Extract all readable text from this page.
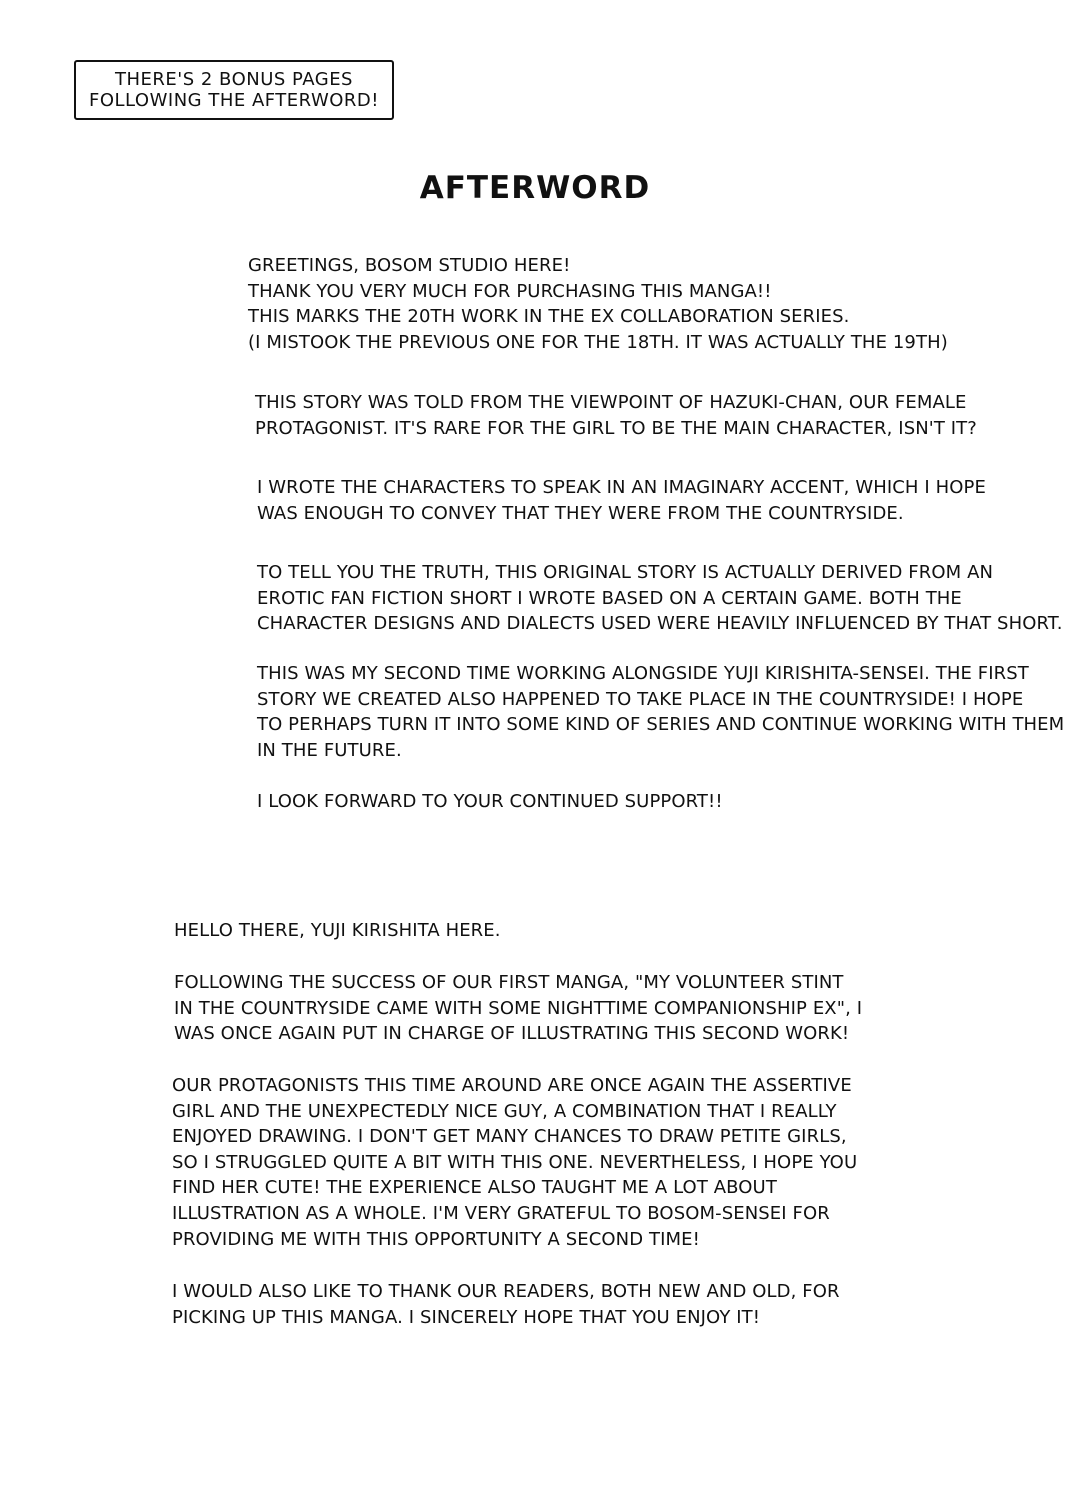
THERE'S 2 BONUS PAGES
FOLLOWING THE AFTERWORD!
AFTERWORD

GREETINGS, BOSOM STUDIO HERE!
THANK YOU VERY MUCH FOR PURCHASING THIS MANGA!!
THIS MARKS THE 20TH WORK IN THE EX COLLABORATION SERIES.
(I MISTOOK THE PREVIOUS ONE FOR THE 18TH. IT WAS ACTUALLY THE 19TH)

THIS STORY WAS TOLD FROM THE VIEWPOINT OF HAZUKI-CHAN, OUR FEMALE
PROTAGONIST. IT'S RARE FOR THE GIRL TO BE THE MAIN CHARACTER, ISN'T IT?

I WROTE THE CHARACTERS TO SPEAK IN AN IMAGINARY ACCENT, WHICH I HOPE
WAS ENOUGH TO CONVEY THAT THEY WERE FROM THE COUNTRYSIDE.

TO TELL YOU THE TRUTH, THIS ORIGINAL STORY IS ACTUALLY DERIVED FROM AN
EROTIC FAN FICTION SHORT I WROTE BASED ON A CERTAIN GAME. BOTH THE
CHARACTER DESIGNS AND DIALECTS USED WERE HEAVILY INFLUENCED BY THAT SHORT.

THIS WAS MY SECOND TIME WORKING ALONGSIDE YUJI KIRISHITA-SENSEI. THE FIRST
STORY WE CREATED ALSO HAPPENED TO TAKE PLACE IN THE COUNTRYSIDE! I HOPE
TO PERHAPS TURN IT INTO SOME KIND OF SERIES AND CONTINUE WORKING WITH THEM
IN THE FUTURE.

I LOOK FORWARD TO YOUR CONTINUED SUPPORT!!

HELLO THERE, YUJI KIRISHITA HERE.

FOLLOWING THE SUCCESS OF OUR FIRST MANGA, "MY VOLUNTEER STINT
IN THE COUNTRYSIDE CAME WITH SOME NIGHTTIME COMPANIONSHIP EX", I
WAS ONCE AGAIN PUT IN CHARGE OF ILLUSTRATING THIS SECOND WORK!

OUR PROTAGONISTS THIS TIME AROUND ARE ONCE AGAIN THE ASSERTIVE
GIRL AND THE UNEXPECTEDLY NICE GUY, A COMBINATION THAT I REALLY
ENJOYED DRAWING. I DON'T GET MANY CHANCES TO DRAW PETITE GIRLS,
SO I STRUGGLED QUITE A BIT WITH THIS ONE. NEVERTHELESS, I HOPE YOU
FIND HER CUTE! THE EXPERIENCE ALSO TAUGHT ME A LOT ABOUT
ILLUSTRATION AS A WHOLE. I'M VERY GRATEFUL TO BOSOM-SENSEI FOR
PROVIDING ME WITH THIS OPPORTUNITY A SECOND TIME!

I WOULD ALSO LIKE TO THANK OUR READERS, BOTH NEW AND OLD, FOR
PICKING UP THIS MANGA. I SINCERELY HOPE THAT YOU ENJOY IT!
